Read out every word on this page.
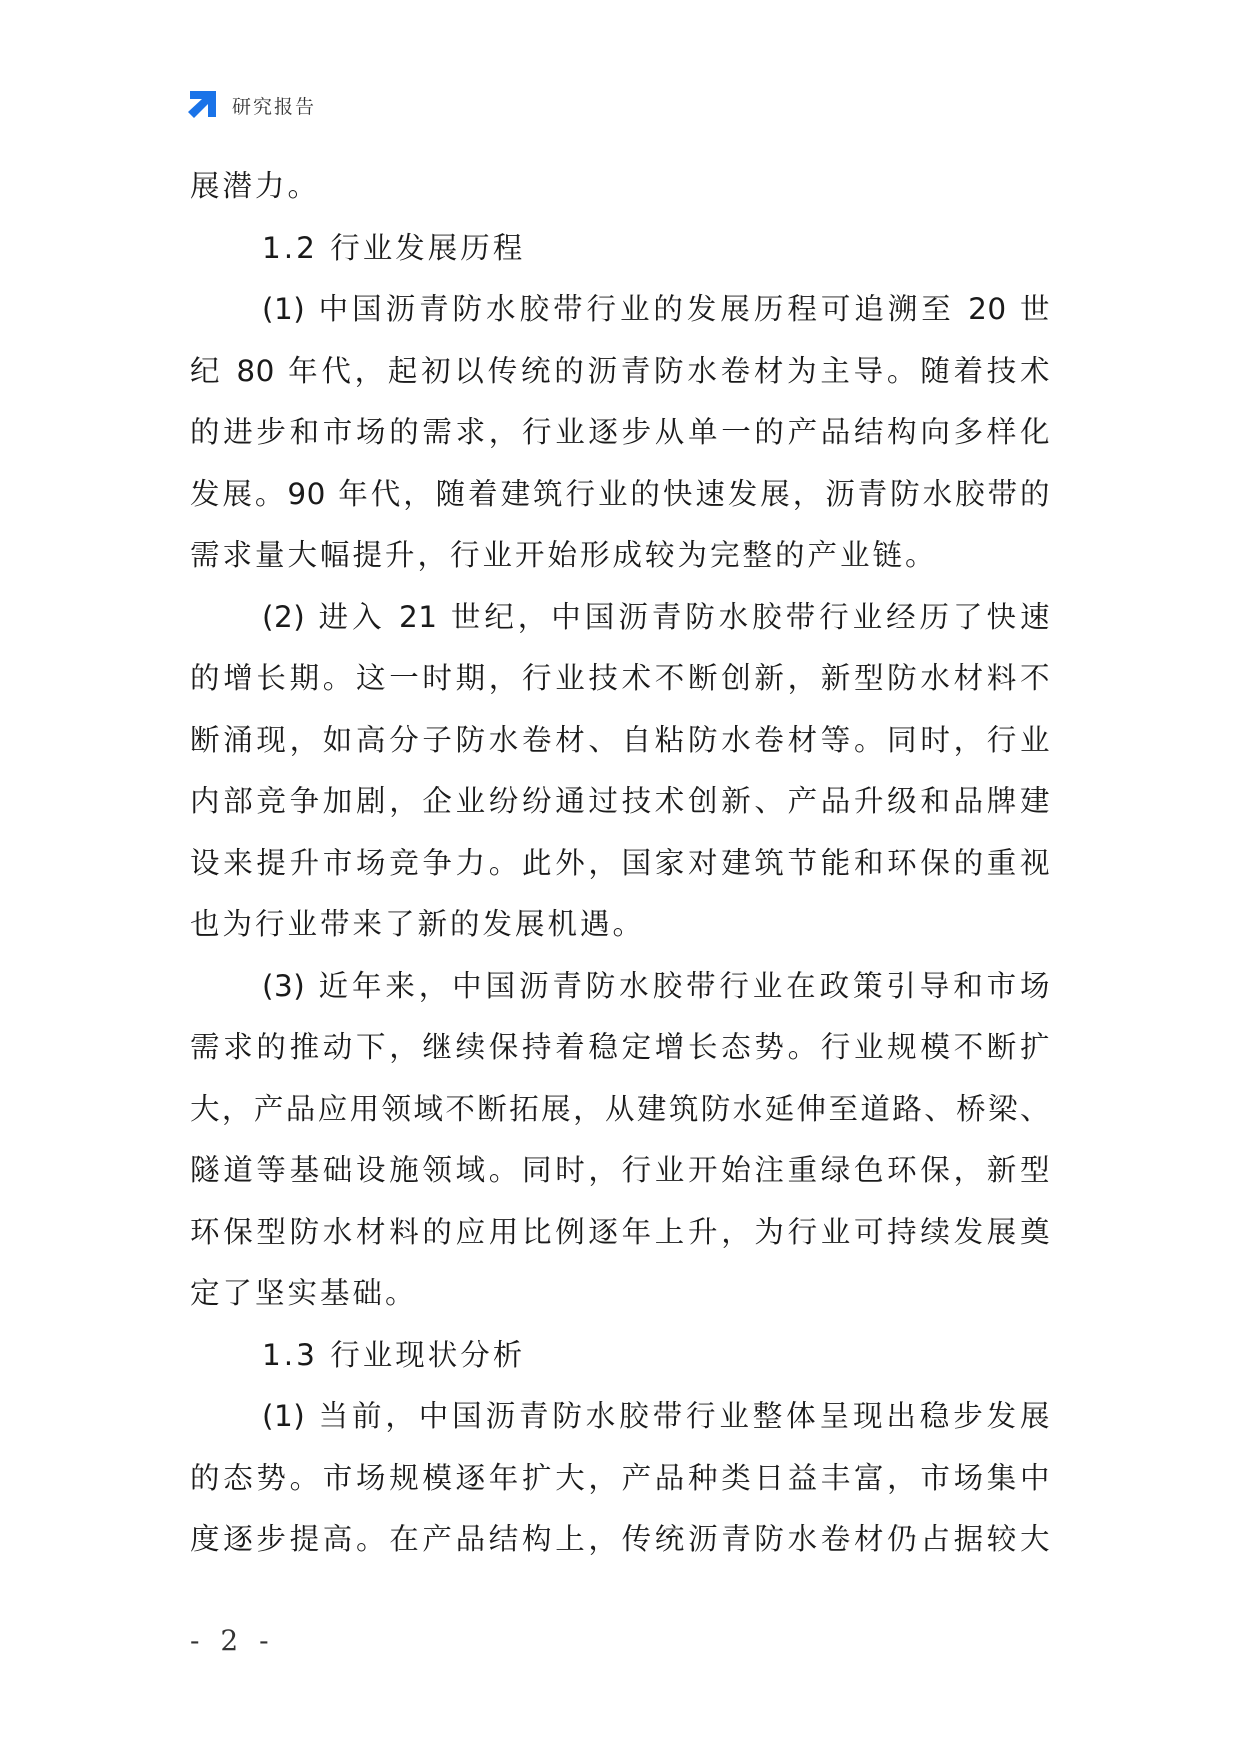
研究报告
展潜力。
1.2 行业发展历程
(1) 中国沥青防水胶带行业的发展历程可追溯至 20 世
纪 80 年代，起初以传统的沥青防水卷材为主导。随着技术
的进步和市场的需求，行业逐步从单一的产品结构向多样化
发展。90 年代，随着建筑行业的快速发展，沥青防水胶带的
需求量大幅提升，行业开始形成较为完整的产业链。
(2) 进入 21 世纪，中国沥青防水胶带行业经历了快速
的增长期。这一时期，行业技术不断创新，新型防水材料不
断涌现，如高分子防水卷材、自粘防水卷材等。同时，行业
内部竞争加剧，企业纷纷通过技术创新、产品升级和品牌建
设来提升市场竞争力。此外，国家对建筑节能和环保的重视
也为行业带来了新的发展机遇。
(3) 近年来，中国沥青防水胶带行业在政策引导和市场
需求的推动下，继续保持着稳定增长态势。行业规模不断扩
大，产品应用领域不断拓展，从建筑防水延伸至道路、桥梁、
隧道等基础设施领域。同时，行业开始注重绿色环保，新型
环保型防水材料的应用比例逐年上升，为行业可持续发展奠
定了坚实基础。
1.3 行业现状分析
(1) 当前，中国沥青防水胶带行业整体呈现出稳步发展
的态势。市场规模逐年扩大，产品种类日益丰富，市场集中
度逐步提高。在产品结构上，传统沥青防水卷材仍占据较大
- 2 -
